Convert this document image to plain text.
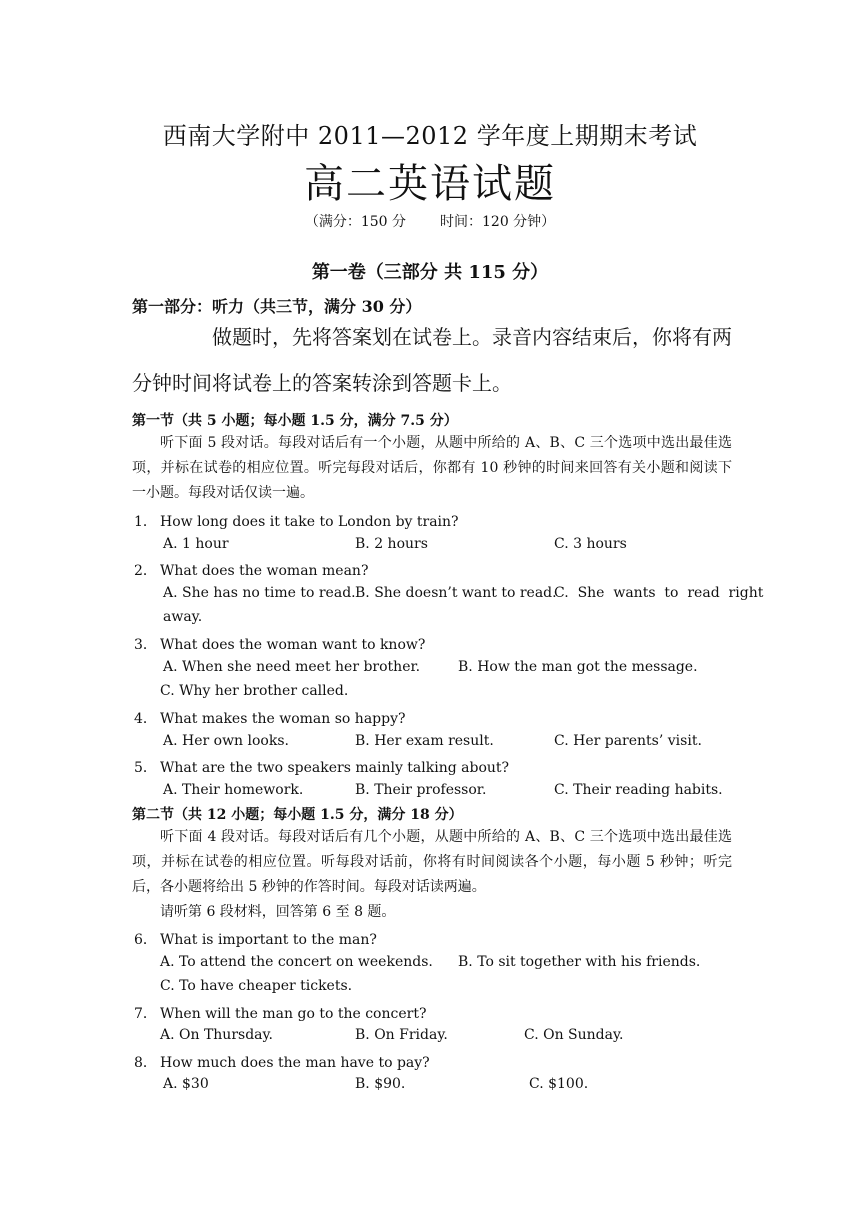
西南大学附中 2011—2012 学年度上期期末考试
高二英语试题
（满分：150 分 时间：120 分钟）
第一卷（三部分 共 115 分）
第一部分：听力（共三节，满分 30 分）
做题时，先将答案划在试卷上。录音内容结束后，你将有两分钟时间将试卷上的答案转涂到答题卡上。
第一节（共 5 小题；每小题 1.5 分，满分 7.5 分）
听下面 5 段对话。每段对话后有一个小题，从题中所给的 A、B、C 三个选项中选出最佳选项，并标在试卷的相应位置。听完每段对话后，你都有 10 秒钟的时间来回答有关小题和阅读下一小题。每段对话仅读一遍。
1． How long does it take to London by train?
A. 1 hour	B. 2 hours	C. 3 hours
2． What does the woman mean?
A. She has no time to read. B. She doesn’t want to read.
C.  She  wants  to  read  right
away.
3． What does the woman want to know?
A. When she need meet her brother.	B. How the man got the message.
C. Why her brother called.
4． What makes the woman so happy?
A. Her own looks.	B. Her exam result.	C. Her parents’ visit.
5． What are the two speakers mainly talking about?
A. Their homework.	B. Their professor.	C. Their reading habits.
第二节（共 12 小题；每小题 1.5 分，满分 18 分）
听下面 4 段对话。每段对话后有几个小题，从题中所给的 A、B、C 三个选项中选出最佳选项，并标在试卷的相应位置。听每段对话前，你将有时间阅读各个小题，每小题 5 秒钟；听完后，各小题将给出 5 秒钟的作答时间。每段对话读两遍。
请听第 6 段材料，回答第 6 至 8 题。
6． What is important to the man?
A. To attend the concert on weekends. B. To sit together with his friends.
C. To have cheaper tickets.
7． When will the man go to the concert?
A. On Thursday.	B. On Friday.	C. On Sunday.
8． How much does the man have to pay?
A. $30	B. $90.	C. $100.
